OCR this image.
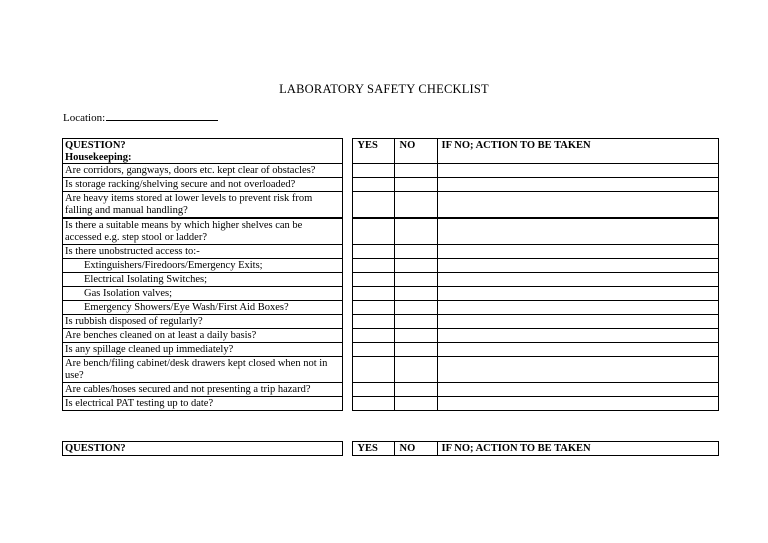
LABORATORY SAFETY CHECKLIST
Location:
QUESTION?
Housekeeping:		YES	NO	IF NO; ACTION TO BE TAKEN
Are corridors, gangways, doors etc. kept clear of obstacles?				
Is storage racking/shelving secure and not overloaded?				
Are heavy items stored at lower levels to prevent risk from falling and manual handling?				
Is there a suitable means by which higher shelves can be accessed e.g. step stool or ladder?				
Is there unobstructed access to:-				
Extinguishers/Firedoors/Emergency Exits;				
Electrical Isolating Switches;				
Gas Isolation valves;				
Emergency Showers/Eye Wash/First Aid Boxes?				
Is rubbish disposed of regularly?				
Are benches cleaned on at least a daily basis?				
Is any spillage cleaned up immediately?				
Are bench/filing cabinet/desk drawers kept closed when not in use?				
Are cables/hoses secured and not presenting a trip hazard?				
Is electrical PAT testing up to date?				
QUESTION?		YES	NO	IF NO; ACTION TO BE TAKEN
